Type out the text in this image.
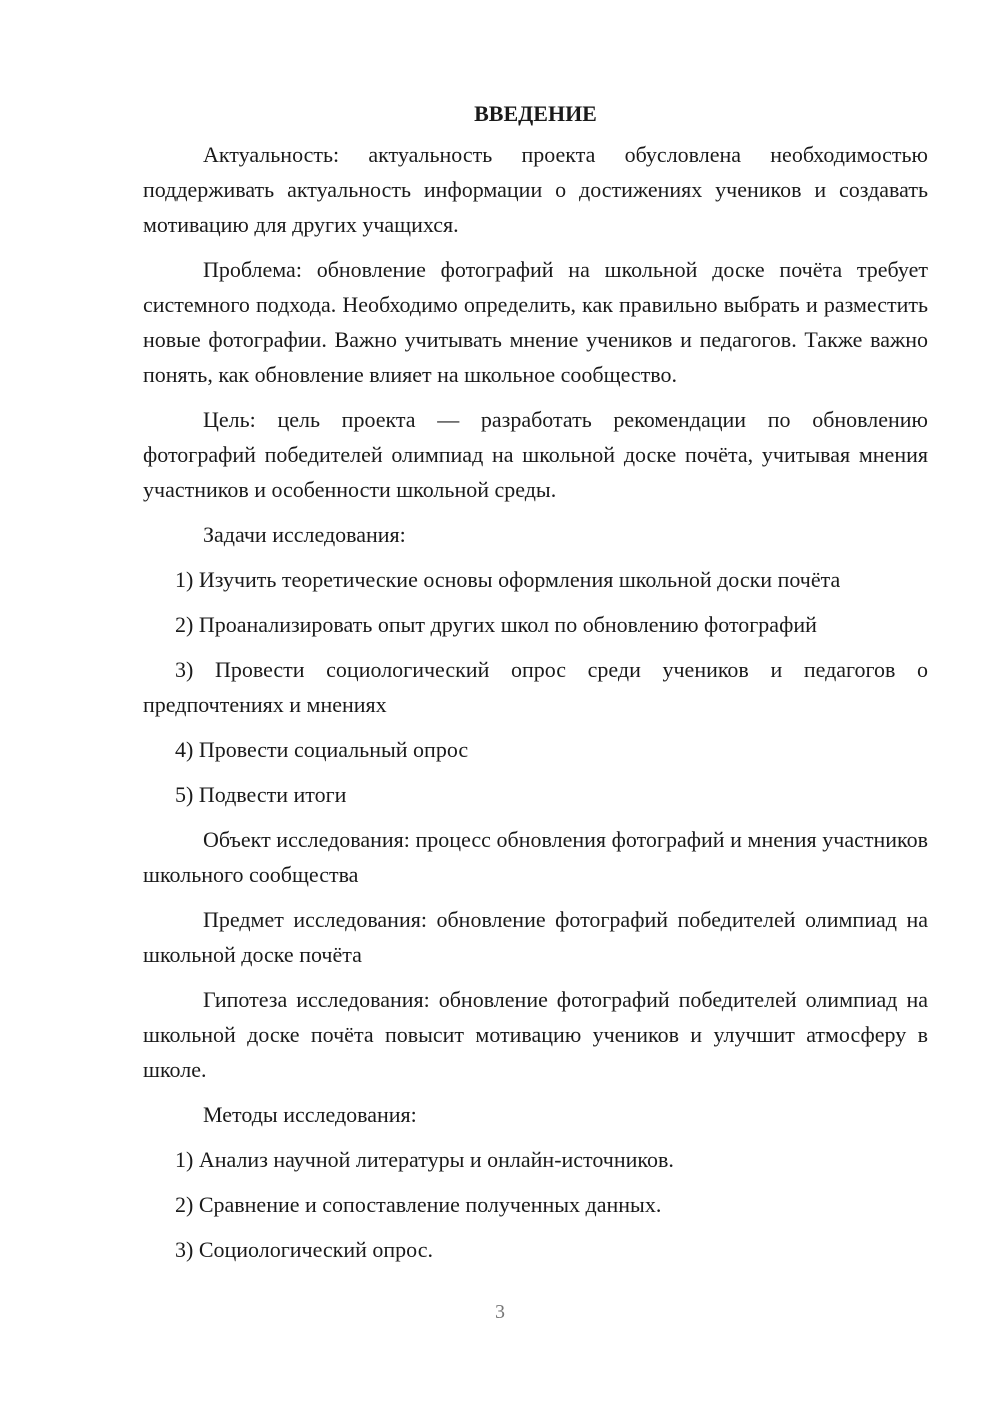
ВВЕДЕНИЕ

Актуальность: актуальность проекта обусловлена необходимостью поддерживать актуальность информации о достижениях учеников и создавать мотивацию для других учащихся.

Проблема: обновление фотографий на школьной доске почёта требует системного подхода. Необходимо определить, как правильно выбрать и разместить новые фотографии. Важно учитывать мнение учеников и педагогов. Также важно понять, как обновление влияет на школьное сообщество.

Цель: цель проекта — разработать рекомендации по обновлению фотографий победителей олимпиад на школьной доске почёта, учитывая мнения участников и особенности школьной среды.

Задачи исследования:

1) Изучить теоретические основы оформления школьной доски почёта

2) Проанализировать опыт других школ по обновлению фотографий

3) Провести социологический опрос среди учеников и педагогов о предпочтениях и мнениях

4) Провести социальный опрос

5) Подвести итоги

Объект исследования: процесс обновления фотографий и мнения участников школьного сообщества

Предмет исследования: обновление фотографий победителей олимпиад на школьной доске почёта

Гипотеза исследования: обновление фотографий победителей олимпиад на школьной доске почёта повысит мотивацию учеников и улучшит атмосферу в школе.

Методы исследования:

1) Анализ научной литературы и онлайн-источников.

2) Сравнение и сопоставление полученных данных.

3) Социологический опрос.

3
